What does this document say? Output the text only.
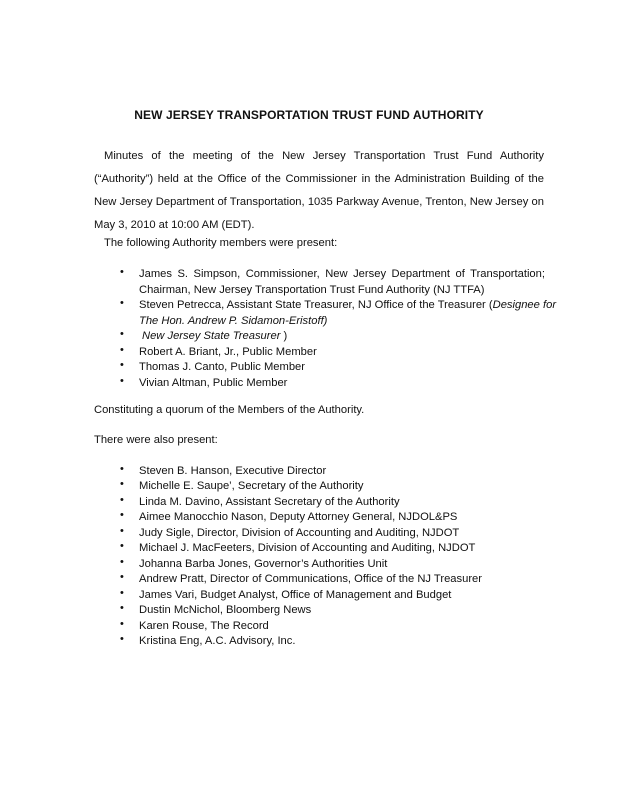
NEW JERSEY TRANSPORTATION TRUST FUND AUTHORITY
Minutes of the meeting of the New Jersey Transportation Trust Fund Authority (“Authority”) held at the Office of the Commissioner in the Administration Building of the New Jersey Department of Transportation, 1035 Parkway Avenue, Trenton, New Jersey on May 3, 2010 at 10:00 AM (EDT).
The following Authority members were present:
• James S. Simpson, Commissioner, New Jersey Department of Transportation;
Chairman, New Jersey Transportation Trust Fund Authority (NJ TTFA)
• Steven Petrecca, Assistant State Treasurer, NJ Office of the Treasurer (Designee for
The Hon. Andrew P. Sidamon-Eristoff)
• New Jersey State Treasurer )
• Robert A. Briant, Jr., Public Member
• Thomas J. Canto, Public Member
• Vivian Altman, Public Member
Constituting a quorum of the Members of the Authority.
There were also present:
• Steven B. Hanson, Executive Director
• Michelle E. Saupe’, Secretary of the Authority
• Linda M. Davino, Assistant Secretary of the Authority
• Aimee Manocchio Nason, Deputy Attorney General, NJDOL&PS
• Judy Sigle, Director, Division of Accounting and Auditing, NJDOT
• Michael J. MacFeeters, Division of Accounting and Auditing, NJDOT
• Johanna Barba Jones, Governor’s Authorities Unit
• Andrew Pratt, Director of Communications, Office of the NJ Treasurer
• James Vari, Budget Analyst, Office of Management and Budget
• Dustin McNichol, Bloomberg News
• Karen Rouse, The Record
• Kristina Eng, A.C. Advisory, Inc.
